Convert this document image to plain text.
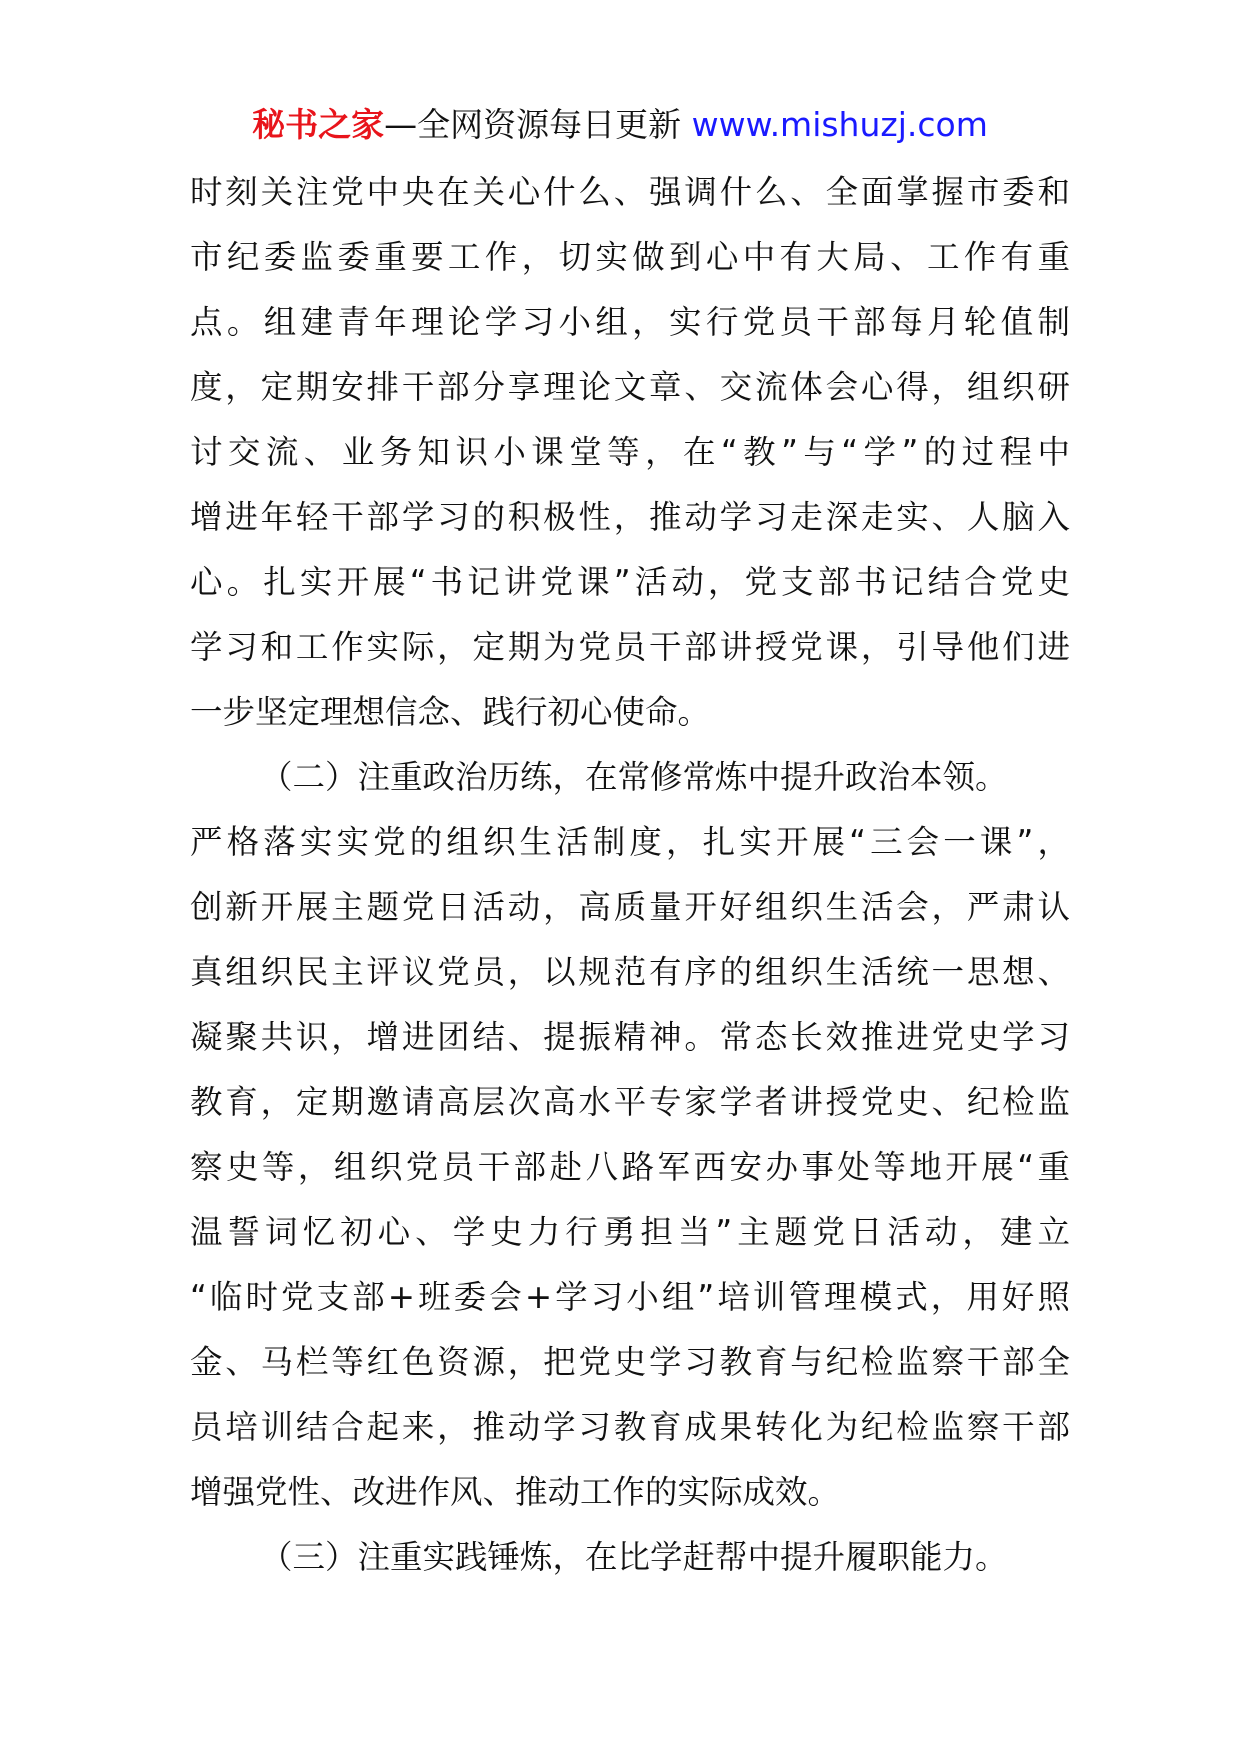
秘书之家—全网资源每日更新 www.mishuzj.com
时刻关注党中央在关心什么、强调什么、全面掌握市委和
市纪委监委重要工作，切实做到心中有大局、工作有重
点。组建青年理论学习小组，实行党员干部每月轮值制
度，定期安排干部分享理论文章、交流体会心得，组织研
讨交流、业务知识小课堂等，在“教”与“学”的过程中
增进年轻干部学习的积极性，推动学习走深走实、人脑入
心。扎实开展“书记讲党课”活动，党支部书记结合党史
学习和工作实际，定期为党员干部讲授党课，引导他们进
一步坚定理想信念、践行初心使命。
（二）注重政治历练，在常修常炼中提升政治本领。
严格落实实党的组织生活制度，扎实开展“三会一课”，
创新开展主题党日活动，高质量开好组织生活会，严肃认
真组织民主评议党员，以规范有序的组织生活统一思想、
凝聚共识，增进团结、提振精神。常态长效推进党史学习
教育，定期邀请高层次高水平专家学者讲授党史、纪检监
察史等，组织党员干部赴八路军西安办事处等地开展“重
温誓词忆初心、学史力行勇担当”主题党日活动，建立
“临时党支部+班委会+学习小组”培训管理模式，用好照
金、马栏等红色资源，把党史学习教育与纪检监察干部全
员培训结合起来，推动学习教育成果转化为纪检监察干部
增强党性、改进作风、推动工作的实际成效。
（三）注重实践锤炼，在比学赶帮中提升履职能力。
